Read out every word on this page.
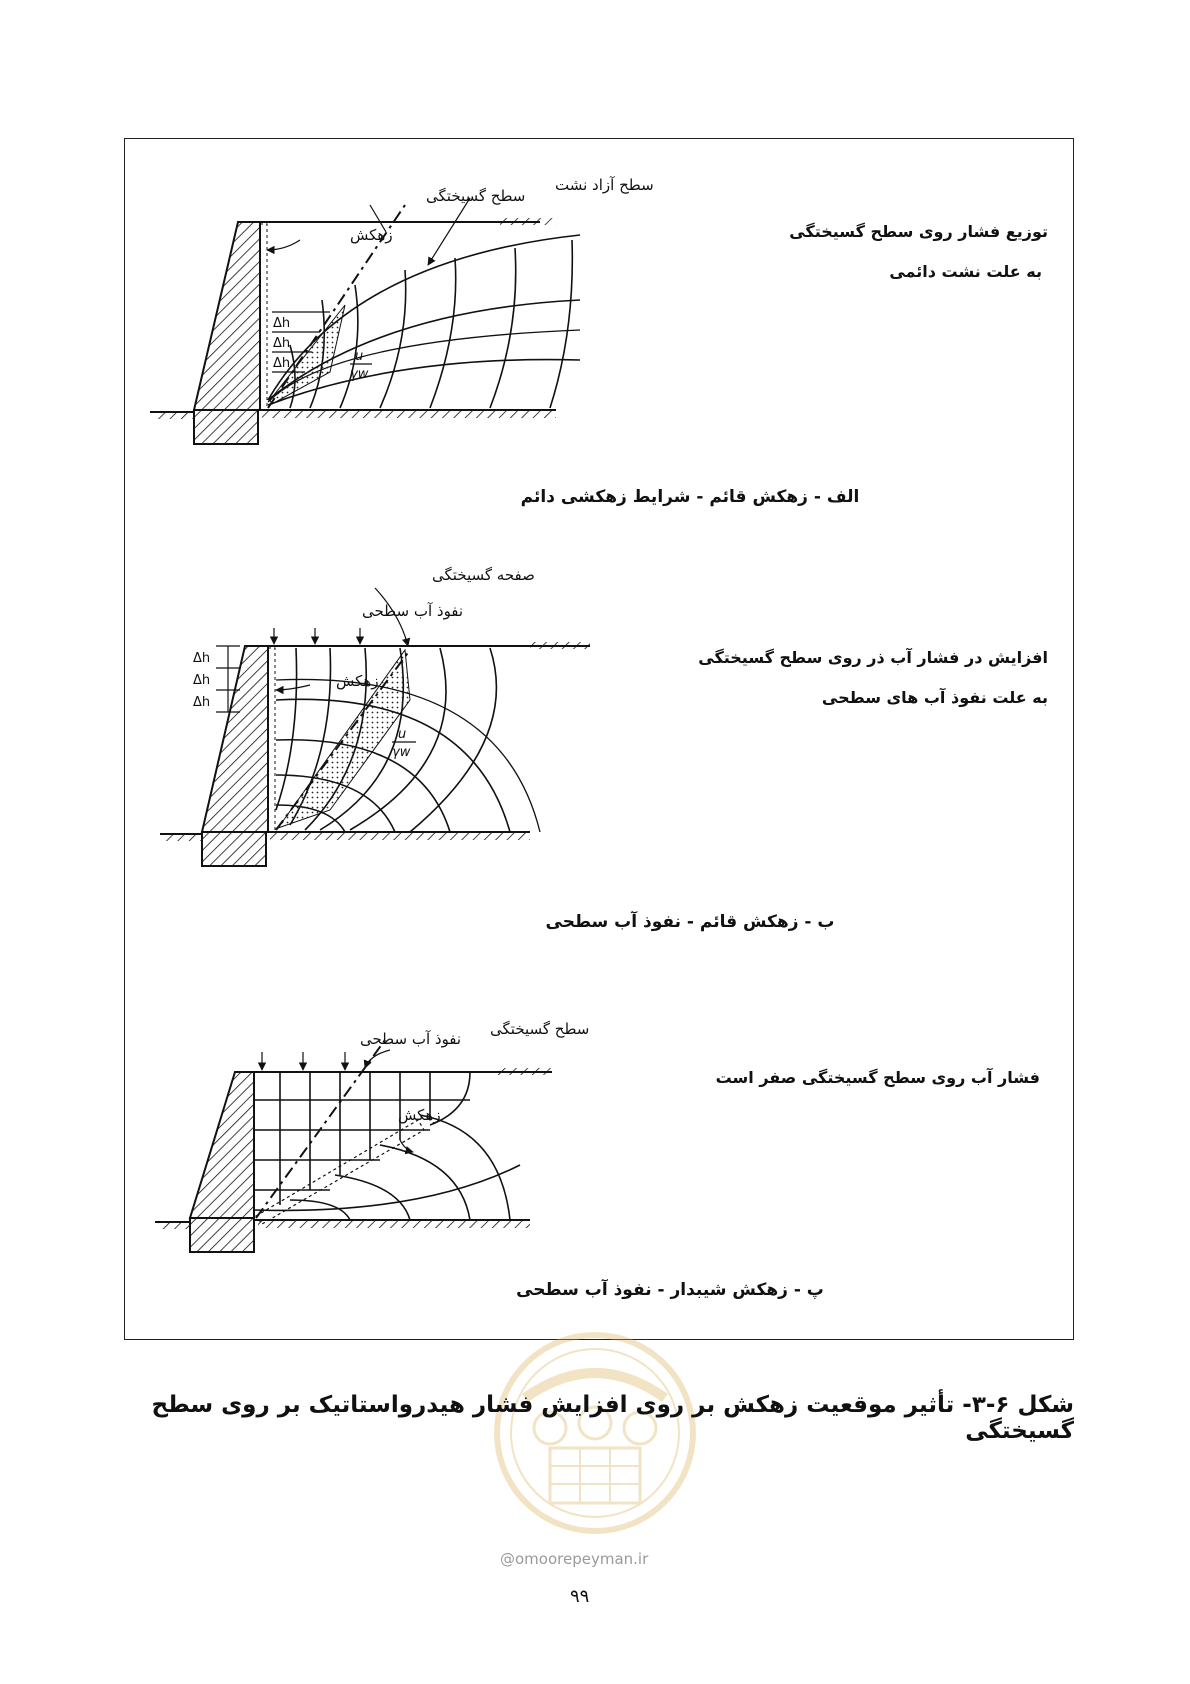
Δh
Δh
Δh	u
γw
سطح آزاد نشت
سطح گسیختگی
زهکش
Δh
Δh
Δh
u
γw
صفحه گسیختگی
نفوذ آب سطحی
زهکش
سطح گسیختگی
نفوذ آب سطحی
زهکش
توزیع فشار روی سطح گسیختگی
به علت نشت دائمی
افزایش در فشار آب ذر روی سطح گسیختگی
به علت نفوذ آب های سطحی
فشار آب روی سطح گسیختگی صفر است
الف - زهکش قائم - شرایط زهکشی دائم
ب - زهکش قائم - نفوذ آب سطحی
پ - زهکش شیبدار - نفوذ آب سطحی
شکل ۶-۳- تأثیر موقعیت زهکش بر روی افزایش فشار هیدرواستاتیک بر روی سطح گسیختگی
@omoorepeyman.ir
۹۹
